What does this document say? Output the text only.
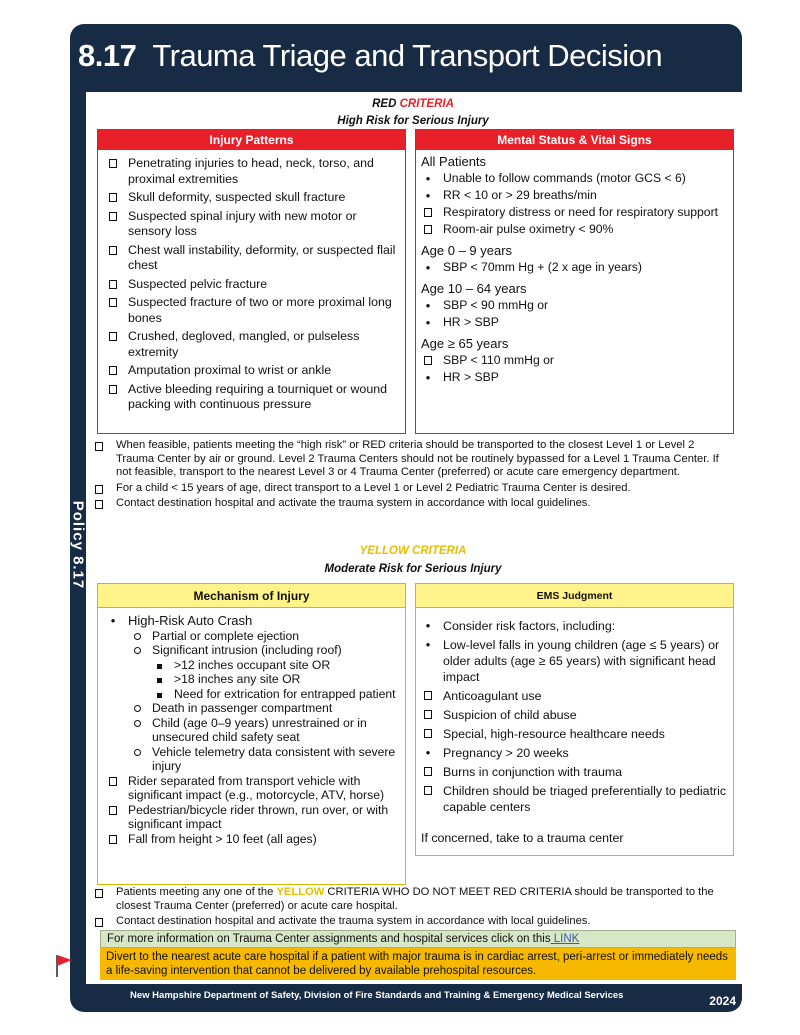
8.17 Trauma Triage and Transport Decision
Policy 8.17
RED CRITERIA
High Risk for Serious Injury
Injury Patterns
Penetrating injuries to head, neck, torso, and proximal extremities
Skull deformity, suspected skull fracture
Suspected spinal injury with new motor or sensory loss
Chest wall instability, deformity, or suspected flail chest
Suspected pelvic fracture
Suspected fracture of two or more proximal long bones
Crushed, degloved, mangled, or pulseless extremity
Amputation proximal to wrist or ankle
Active bleeding requiring a tourniquet or wound packing with continuous pressure
Mental Status & Vital Signs
All Patients
•	Unable to follow commands (motor GCS < 6)
•	RR < 10 or > 29 breaths/min
Respiratory distress or need for respiratory support
Room-air pulse oximetry < 90%
Age 0 – 9 years
•	SBP < 70mm Hg + (2 x age in years)
Age 10 – 64 years
•	SBP < 90 mmHg or
•	HR > SBP
Age ≥ 65 years
SBP < 110 mmHg or
•	HR > SBP
When feasible, patients meeting the “high risk” or RED criteria should be transported to the closest Level 1 or Level 2 Trauma Center by air or ground. Level 2 Trauma Centers should not be routinely bypassed for a Level 1 Trauma Center. If not feasible, transport to the nearest Level 3 or 4 Trauma Center (preferred) or acute care emergency department.
For a child < 15 years of age, direct transport to a Level 1 or Level 2 Pediatric Trauma Center is desired.
Contact destination hospital and activate the trauma system in accordance with local guidelines.
YELLOW CRITERIA
Moderate Risk for Serious Injury
Mechanism of Injury
• High-Risk Auto Crash
Partial or complete ejection
Significant intrusion (including roof)
>12 inches occupant site OR
>18 inches any site OR
Need for extrication for entrapped patient
Death in passenger compartment
Child (age 0–9 years) unrestrained or in unsecured child safety seat
Vehicle telemetry data consistent with severe injury
Rider separated from transport vehicle with significant impact (e.g., motorcycle, ATV, horse)
Pedestrian/bicycle rider thrown, run over, or with significant impact
Fall from height > 10 feet (all ages)
EMS Judgment
•	Consider risk factors, including:
•	Low-level falls in young children (age ≤ 5 years) or older adults (age ≥ 65 years) with significant head impact
Anticoagulant use
Suspicion of child abuse
Special, high-resource healthcare needs
•	Pregnancy > 20 weeks
Burns in conjunction with trauma
Children should be triaged preferentially to pediatric capable centers
If concerned, take to a trauma center
Patients meeting any one of the YELLOW CRITERIA WHO DO NOT MEET RED CRITERIA should be transported to the closest Trauma Center (preferred) or acute care hospital.
Contact destination hospital and activate the trauma system in accordance with local guidelines.
For more information on Trauma Center assignments and hospital services click on this LINK
Divert to the nearest acute care hospital if a patient with major trauma is in cardiac arrest, peri-arrest or immediately needs a life-saving intervention that cannot be delivered by available prehospital resources.
New Hampshire Department of Safety, Division of Fire Standards and Training & Emergency Medical Services	2024
